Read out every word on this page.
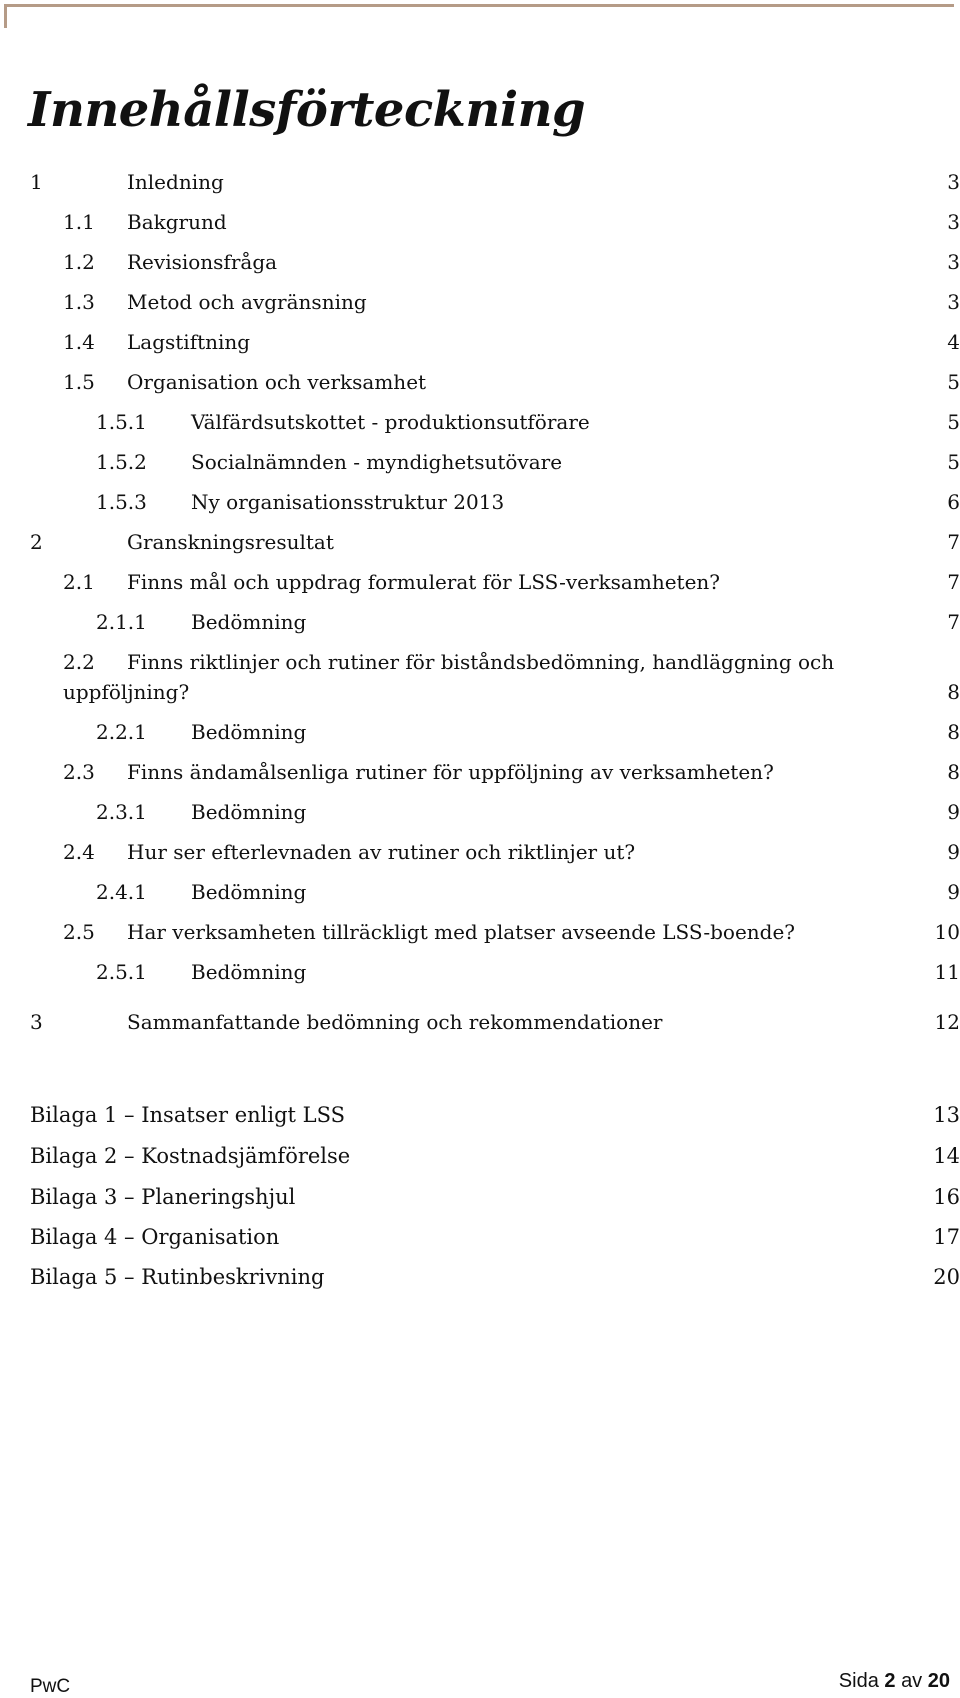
Innehållsförteckning
1	Inledning	3
1.1 Bakgrund	3
1.2 Revisionsfråga	3
1.3 Metod och avgränsning	3
1.4 Lagstiftning	4
1.5 Organisation och verksamhet	5
1.5.1 Välfärdsutskottet - produktionsutförare	5
1.5.2 Socialnämnden - myndighetsutövare	5
1.5.3 Ny organisationsstruktur 2013	6
2	Granskningsresultat	7
2.1 Finns mål och uppdrag formulerat för LSS-verksamheten?	7
2.1.1 Bedömning	7
2.2 Finns riktlinjer och rutiner för biståndsbedömning, handläggning och
uppföljning?	8
2.2.1 Bedömning	8
2.3 Finns ändamålsenliga rutiner för uppföljning av verksamheten?	8
2.3.1 Bedömning	9
2.4 Hur ser efterlevnaden av rutiner och riktlinjer ut?	9
2.4.1 Bedömning	9
2.5 Har verksamheten tillräckligt med platser avseende LSS-boende?	10
2.5.1 Bedömning	11
3	Sammanfattande bedömning och rekommendationer	12
Bilaga 1 – Insatser enligt LSS	13
Bilaga 2 – Kostnadsjämförelse	14
Bilaga 3 – Planeringshjul	16
Bilaga 4 – Organisation	17
Bilaga 5 – Rutinbeskrivning	20
PwC	Sida 2 av 20
